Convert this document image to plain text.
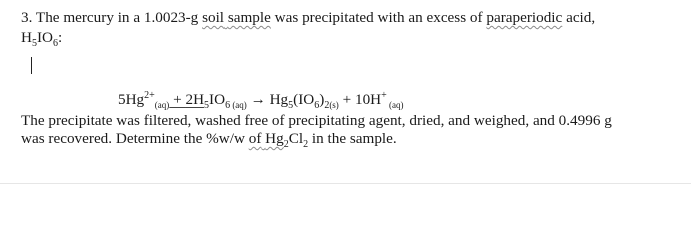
3. The mercury in a 1.0023-g soil sample was precipitated with an excess of paraperiodic acid,
$H_5IO_6$:
$5Hg^{2+}_{(aq)} + 2H_5IO_6$ $_{(aq)} \to Hg_5(IO_6)_{2(s)} + 10H^+$ $_{(aq)}$
The precipitate was filtered, washed free of precipitating agent, dried, and weighed, and 0.4996 g
was recovered. Determine the %w/w of $Hg_2Cl_2$ in the sample.
